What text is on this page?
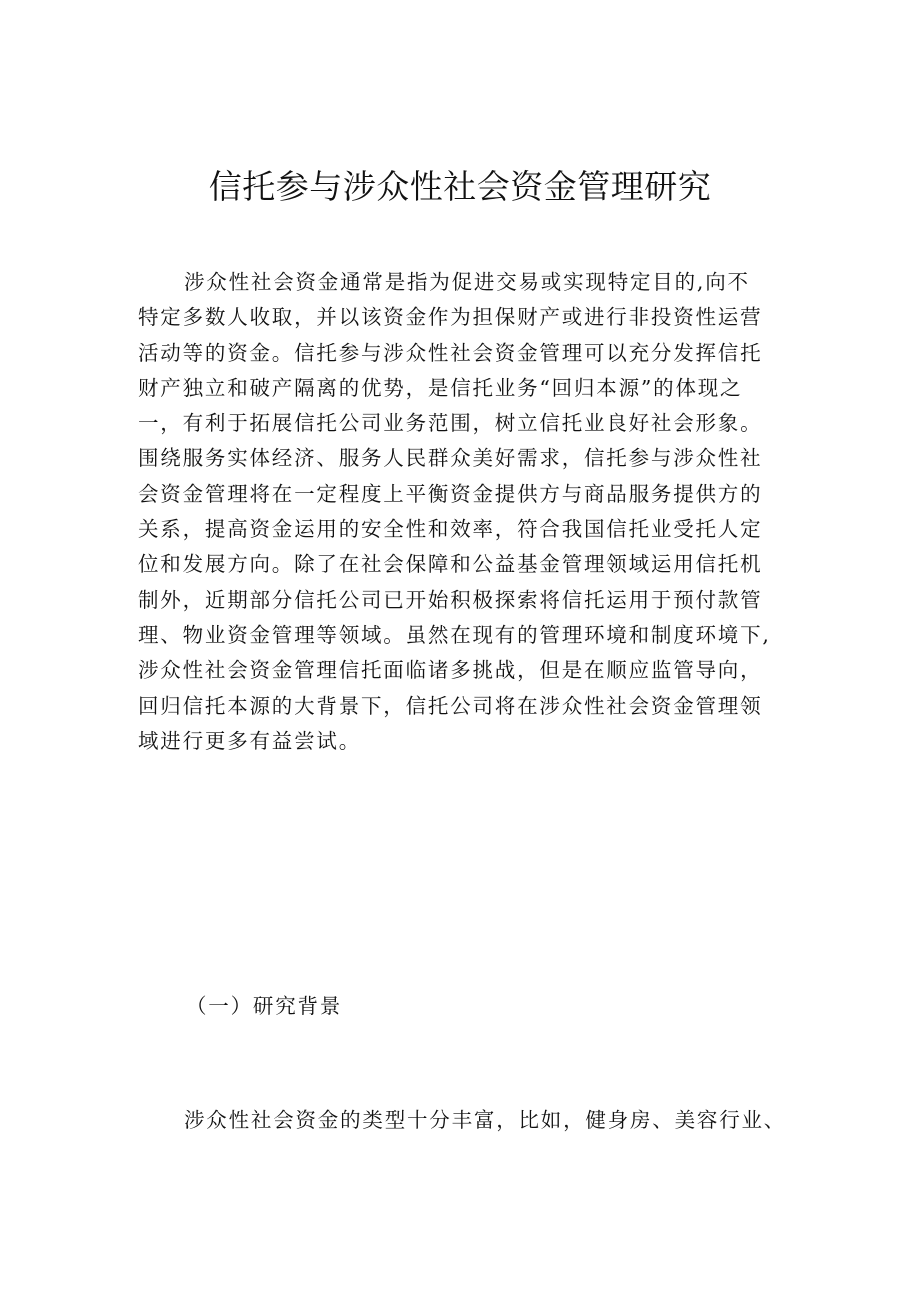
信托参与涉众性社会资金管理研究
涉众性社会资金通常是指为促进交易或实现特定目的,向不
特定多数人收取，并以该资金作为担保财产或进行非投资性运营
活动等的资金。信托参与涉众性社会资金管理可以充分发挥信托
财产独立和破产隔离的优势，是信托业务“回归本源”的体现之
一，有利于拓展信托公司业务范围，树立信托业良好社会形象。
围绕服务实体经济、服务人民群众美好需求，信托参与涉众性社
会资金管理将在一定程度上平衡资金提供方与商品服务提供方的
关系，提高资金运用的安全性和效率，符合我国信托业受托人定
位和发展方向。除了在社会保障和公益基金管理领域运用信托机
制外，近期部分信托公司已开始积极探索将信托运用于预付款管
理、物业资金管理等领域。虽然在现有的管理环境和制度环境下,
涉众性社会资金管理信托面临诸多挑战，但是在顺应监管导向，
回归信托本源的大背景下，信托公司将在涉众性社会资金管理领
域进行更多有益尝试。
（一）研究背景
涉众性社会资金的类型十分丰富，比如，健身房、美容行业、
